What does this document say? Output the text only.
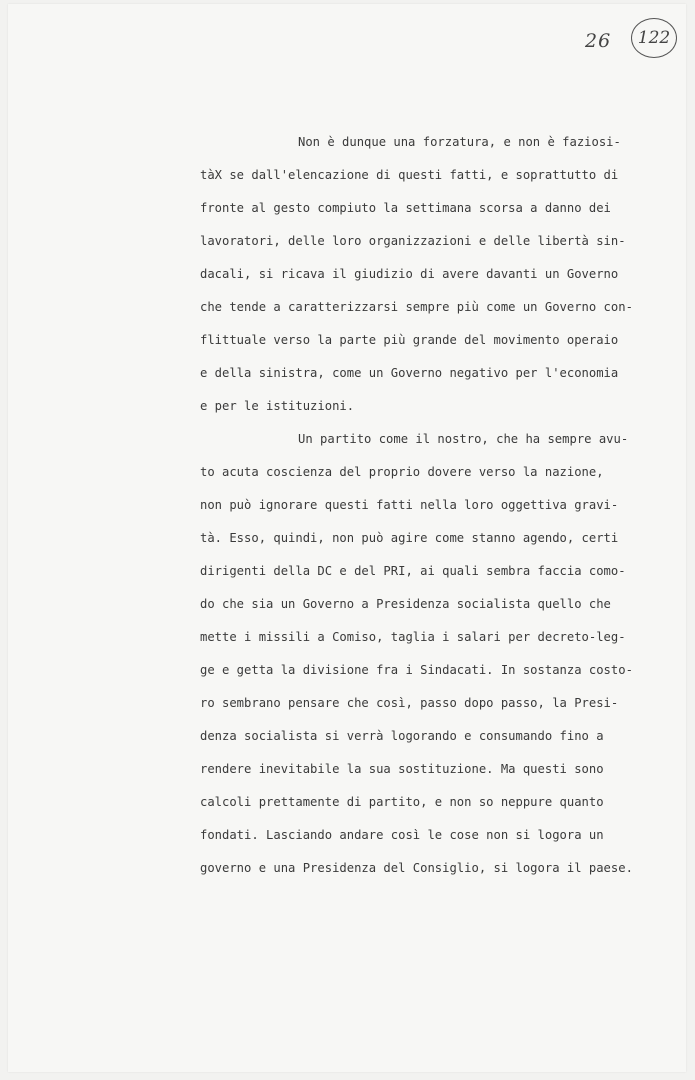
26 122
Non è dunque una forzatura, e non è faziosi-
tàX se dall'elencazione di questi fatti, e soprattutto di
fronte al gesto compiuto la settimana scorsa a danno dei
lavoratori, delle loro organizzazioni e delle libertà sin-
dacali, si ricava il giudizio di avere davanti un Governo
che tende a caratterizzarsi sempre più come un Governo con-
flittuale verso la parte più grande del movimento operaio
e della sinistra, come un Governo negativo per l'economia
e per le istituzioni.
Un partito come il nostro, che ha sempre avu-
to acuta coscienza del proprio dovere verso la nazione,
non può ignorare questi fatti nella loro oggettiva gravi-
tà. Esso, quindi, non può agire come stanno agendo, certi
dirigenti della DC e del PRI, ai quali sembra faccia como-
do che sia un Governo a Presidenza socialista quello che
mette i missili a Comiso, taglia i salari per decreto-leg-
ge e getta la divisione fra i Sindacati. In sostanza costo-
ro sembrano pensare che così, passo dopo passo, la Presi-
denza socialista si verrà logorando e consumando fino a
rendere inevitabile la sua sostituzione. Ma questi sono
calcoli prettamente di partito, e non so neppure quanto
fondati. Lasciando andare così le cose non si logora un
governo e una Presidenza del Consiglio, si logora il paese.
